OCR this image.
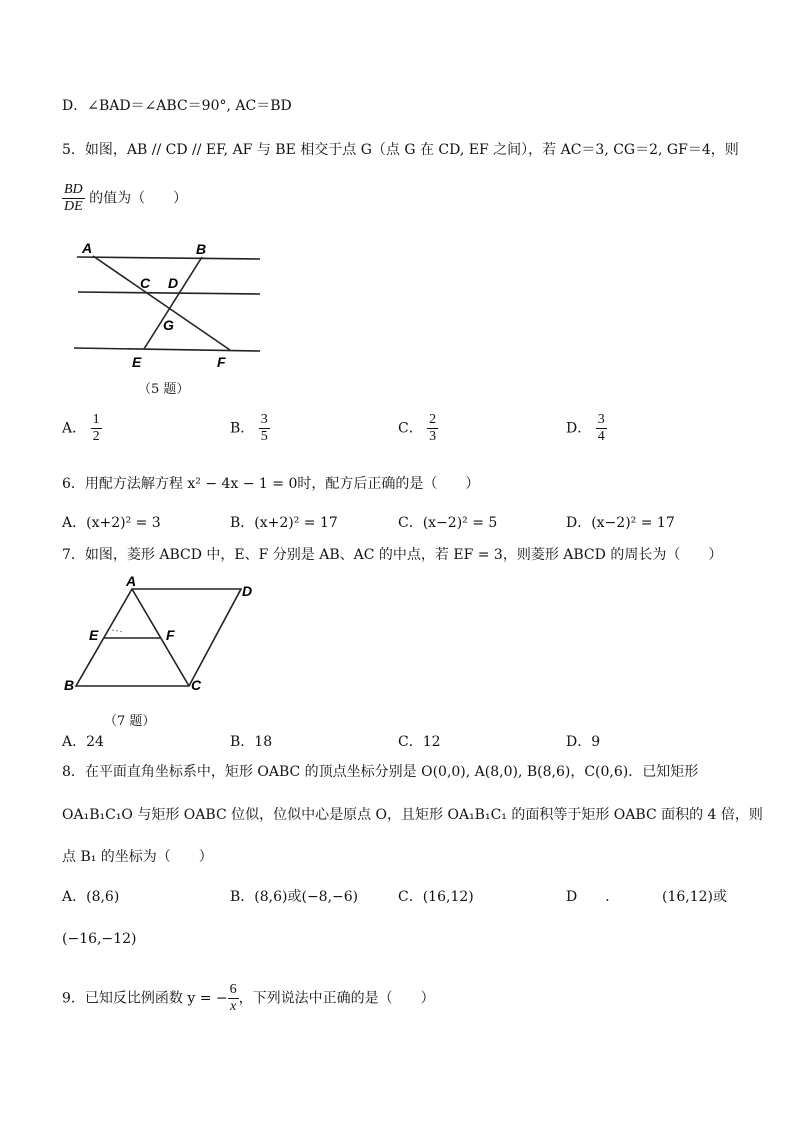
D．∠BAD＝∠ABC＝90°, AC＝BD
5．如图，AB // CD // EF, AF 与 BE 相交于点 G（点 G 在 CD, EF 之间），若 AC＝3, CG＝2, GF＝4，则
$\frac{BD}{DE}$ 的值为（　　）
A	B
C D
G
E	F
（5 题）
A． $\frac{1}{2}$	B． $\frac{3}{5}$	C． $\frac{2}{3}$	D． $\frac{3}{4}$
6．用配方法解方程 x² − 4x − 1 = 0时，配方后正确的是（　　）
A．(x+2)² = 3	B．(x+2)² = 17	C．(x−2)² = 5	D．(x−2)² = 17
7．如图，菱形 ABCD 中，E、F 分别是 AB、AC 的中点，若 EF = 3，则菱形 ABCD 的周长为（　　）
A
D
E	F
B	C
（7 题）
A．24	B．18	C．12	D．9
8．在平面直角坐标系中，矩形 OABC 的顶点坐标分别是 O(0,0), A(8,0), B(8,6)，C(0,6)．已知矩形
OA₁B₁C₁O 与矩形 OABC 位似，位似中心是原点 O，且矩形 OA₁B₁C₁ 的面积等于矩形 OABC 面积的 4 倍，则
点 B₁ 的坐标为（　　）
A．(8,6)	B．(8,6)或(−8,−6)	C．(16,12)	D　　．	(16,12)或
(−16,−12)
9．已知反比例函数 y = − $\frac{6}{x}$ ，下列说法中正确的是（　　）
